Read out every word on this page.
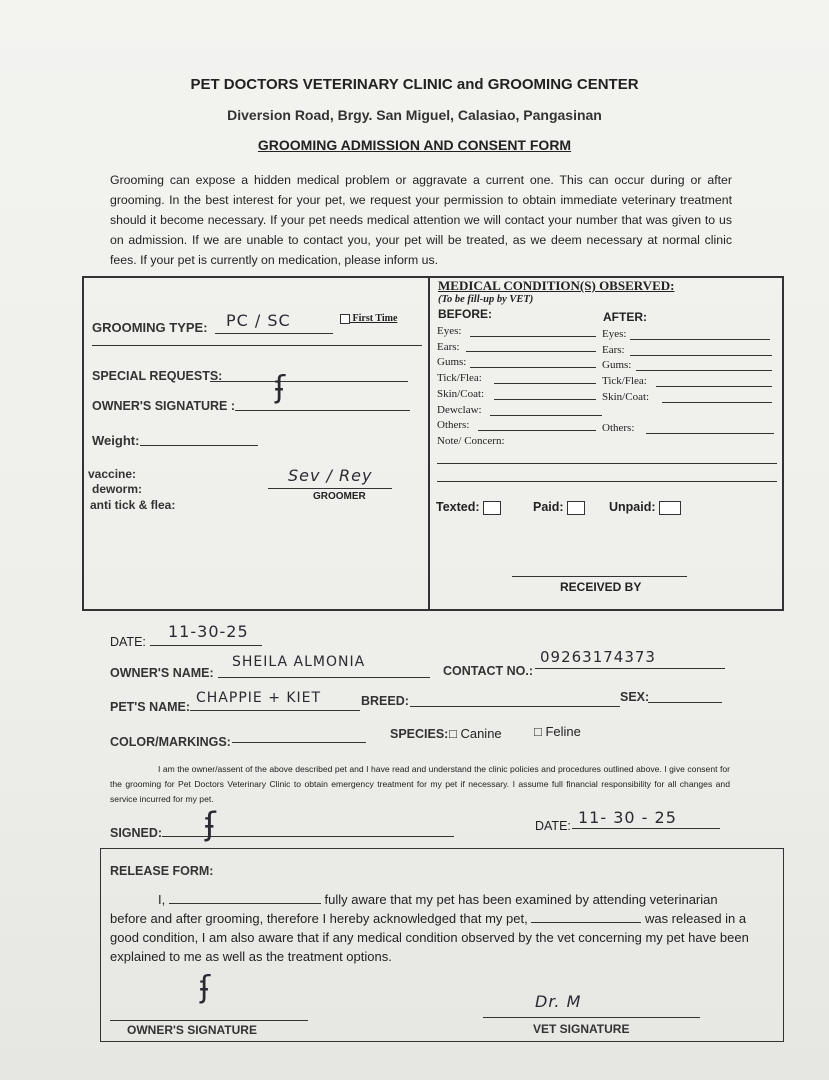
PET DOCTORS VETERINARY CLINIC and GROOMING CENTER
Diversion Road, Brgy. San Miguel, Calasiao, Pangasinan
GROOMING ADMISSION AND CONSENT FORM
Grooming can expose a hidden medical problem or aggravate a current one. This can occur during or after grooming. In the best interest for your pet, we request your permission to obtain immediate veterinary treatment should it become necessary. If your pet needs medical attention we will contact your number that was given to us on admission. If we are unable to contact you, your pet will be treated, as we deem necessary at normal clinic fees. If your pet is currently on medication, please inform us.
GROOMING TYPE: PC / SC	First Time
SPECIAL REQUESTS:
OWNER'S SIGNATURE :
ʄ
Weight:
vaccine:
deworm:
anti tick & flea:
Sev / Rey
GROOMER
MEDICAL CONDITION(S) OBSERVED:
(To be fill-up by VET)
BEFORE:	AFTER:
Eyes:
Ears:
Gums:
Tick/Flea:
Skin/Coat:
Dewclaw:
Others:
Note/ Concern:
Eyes:
Ears:
Gums:
Tick/Flea:
Skin/Coat:
Others:
Texted:	Paid:	Unpaid:
RECEIVED BY
DATE:
11-30-25
OWNER'S NAME:
SHEILA ALMONIA
CONTACT NO.:
09263174373
PET'S NAME:
CHAPPIE + KIET	BREED:	SEX:
COLOR/MARKINGS:
SPECIES: □ Canine □ Feline
I am the owner/assent of the above described pet and I have read and understand the clinic policies and procedures outlined above. I give consent for the grooming for Pet Doctors Veterinary Clinic to obtain emergency treatment for my pet if necessary. I assume full financial responsibility for all changes and service incurred for my pet.
SIGNED: ʄ	DATE: 11- 30 - 25
RELEASE FORM:
I,	fully aware that my pet has been examined by attending veterinarian
before and after grooming, therefore I hereby acknowledged that my pet,	was released in a
good condition, I am also aware that if any medical condition observed by the vet concerning my pet have been
explained to me as well as the treatment options.
ʄ
OWNER'S SIGNATURE
Dr. M
VET SIGNATURE
